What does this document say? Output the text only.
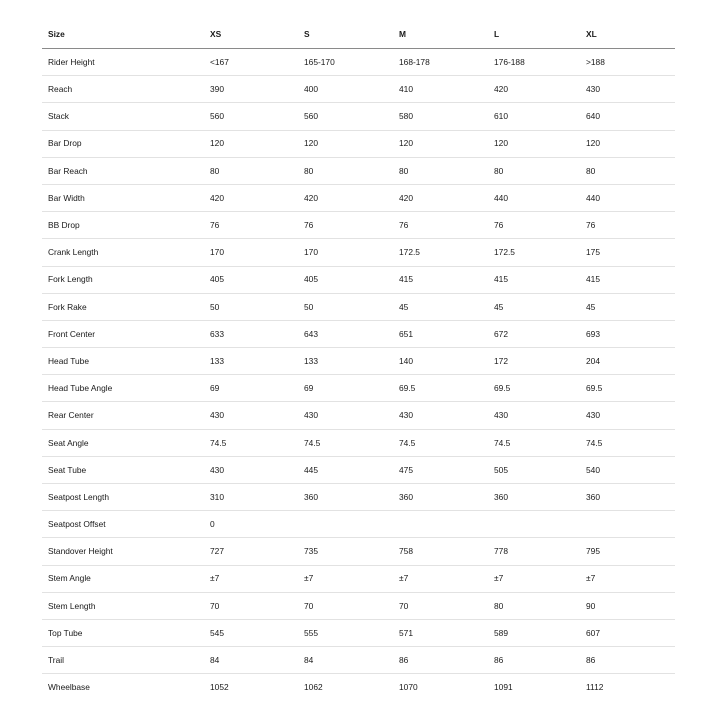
Size	XS	S	M	L	XL
Rider Height	<167	165-170	168-178	176-188	>188
Reach	390	400	410	420	430
Stack	560	560	580	610	640
Bar Drop	120	120	120	120	120
Bar Reach	80	80	80	80	80
Bar Width	420	420	420	440	440
BB Drop	76	76	76	76	76
Crank Length	170	170	172.5	172.5	175
Fork Length	405	405	415	415	415
Fork Rake	50	50	45	45	45
Front Center	633	643	651	672	693
Head Tube	133	133	140	172	204
Head Tube Angle	69	69	69.5	69.5	69.5
Rear Center	430	430	430	430	430
Seat Angle	74.5	74.5	74.5	74.5	74.5
Seat Tube	430	445	475	505	540
Seatpost Length	310	360	360	360	360
Seatpost Offset	0				
Standover Height	727	735	758	778	795
Stem Angle	±7	±7	±7	±7	±7
Stem Length	70	70	70	80	90
Top Tube	545	555	571	589	607
Trail	84	84	86	86	86
Wheelbase	1052	1062	1070	1091	1112
